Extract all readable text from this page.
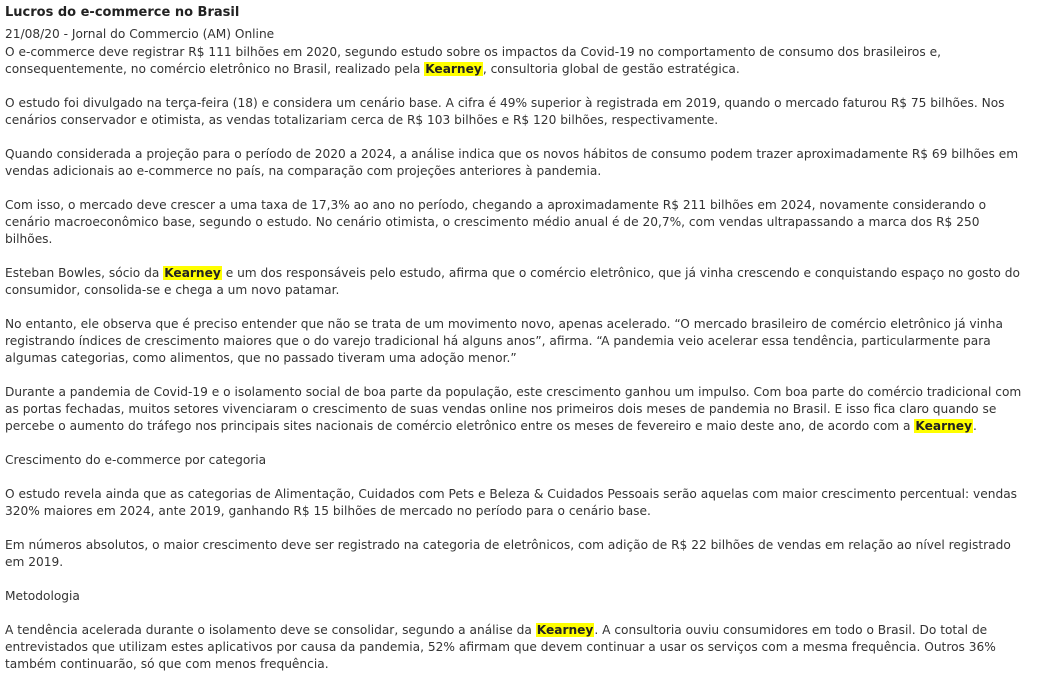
Lucros do e-commerce no Brasil
21/08/20 - Jornal do Commercio (AM) Online

O e-commerce deve registrar R$ 111 bilhões em 2020, segundo estudo sobre os impactos da Covid-19 no comportamento de consumo dos brasileiros e, consequentemente, no comércio eletrônico no Brasil, realizado pela Kearney, consultoria global de gestão estratégica.

O estudo foi divulgado na terça-feira (18) e considera um cenário base. A cifra é 49% superior à registrada em 2019, quando o mercado faturou R$ 75 bilhões. Nos cenários conservador e otimista, as vendas totalizariam cerca de R$ 103 bilhões e R$ 120 bilhões, respectivamente.

Quando considerada a projeção para o período de 2020 a 2024, a análise indica que os novos hábitos de consumo podem trazer aproximadamente R$ 69 bilhões em vendas adicionais ao e-commerce no país, na comparação com projeções anteriores à pandemia.

Com isso, o mercado deve crescer a uma taxa de 17,3% ao ano no período, chegando a aproximadamente R$ 211 bilhões em 2024, novamente considerando o cenário macroeconômico base, segundo o estudo. No cenário otimista, o crescimento médio anual é de 20,7%, com vendas ultrapassando a marca dos R$ 250 bilhões.

Esteban Bowles, sócio da Kearney e um dos responsáveis pelo estudo, afirma que o comércio eletrônico, que já vinha crescendo e conquistando espaço no gosto do consumidor, consolida-se e chega a um novo patamar.

No entanto, ele observa que é preciso entender que não se trata de um movimento novo, apenas acelerado. “O mercado brasileiro de comércio eletrônico já vinha registrando índices de crescimento maiores que o do varejo tradicional há alguns anos”, afirma. “A pandemia veio acelerar essa tendência, particularmente para algumas categorias, como alimentos, que no passado tiveram uma adoção menor.”

Durante a pandemia de Covid-19 e o isolamento social de boa parte da população, este crescimento ganhou um impulso. Com boa parte do comércio tradicional com as portas fechadas, muitos setores vivenciaram o crescimento de suas vendas online nos primeiros dois meses de pandemia no Brasil. E isso fica claro quando se percebe o aumento do tráfego nos principais sites nacionais de comércio eletrônico entre os meses de fevereiro e maio deste ano, de acordo com a Kearney.

Crescimento do e-commerce por categoria

O estudo revela ainda que as categorias de Alimentação, Cuidados com Pets e Beleza & Cuidados Pessoais serão aquelas com maior crescimento percentual: vendas 320% maiores em 2024, ante 2019, ganhando R$ 15 bilhões de mercado no período para o cenário base.

Em números absolutos, o maior crescimento deve ser registrado na categoria de eletrônicos, com adição de R$ 22 bilhões de vendas em relação ao nível registrado em 2019.

Metodologia

A tendência acelerada durante o isolamento deve se consolidar, segundo a análise da Kearney. A consultoria ouviu consumidores em todo o Brasil. Do total de entrevistados que utilizam estes aplicativos por causa da pandemia, 52% afirmam que devem continuar a usar os serviços com a mesma frequência. Outros 36% também continuarão, só que com menos frequência.
